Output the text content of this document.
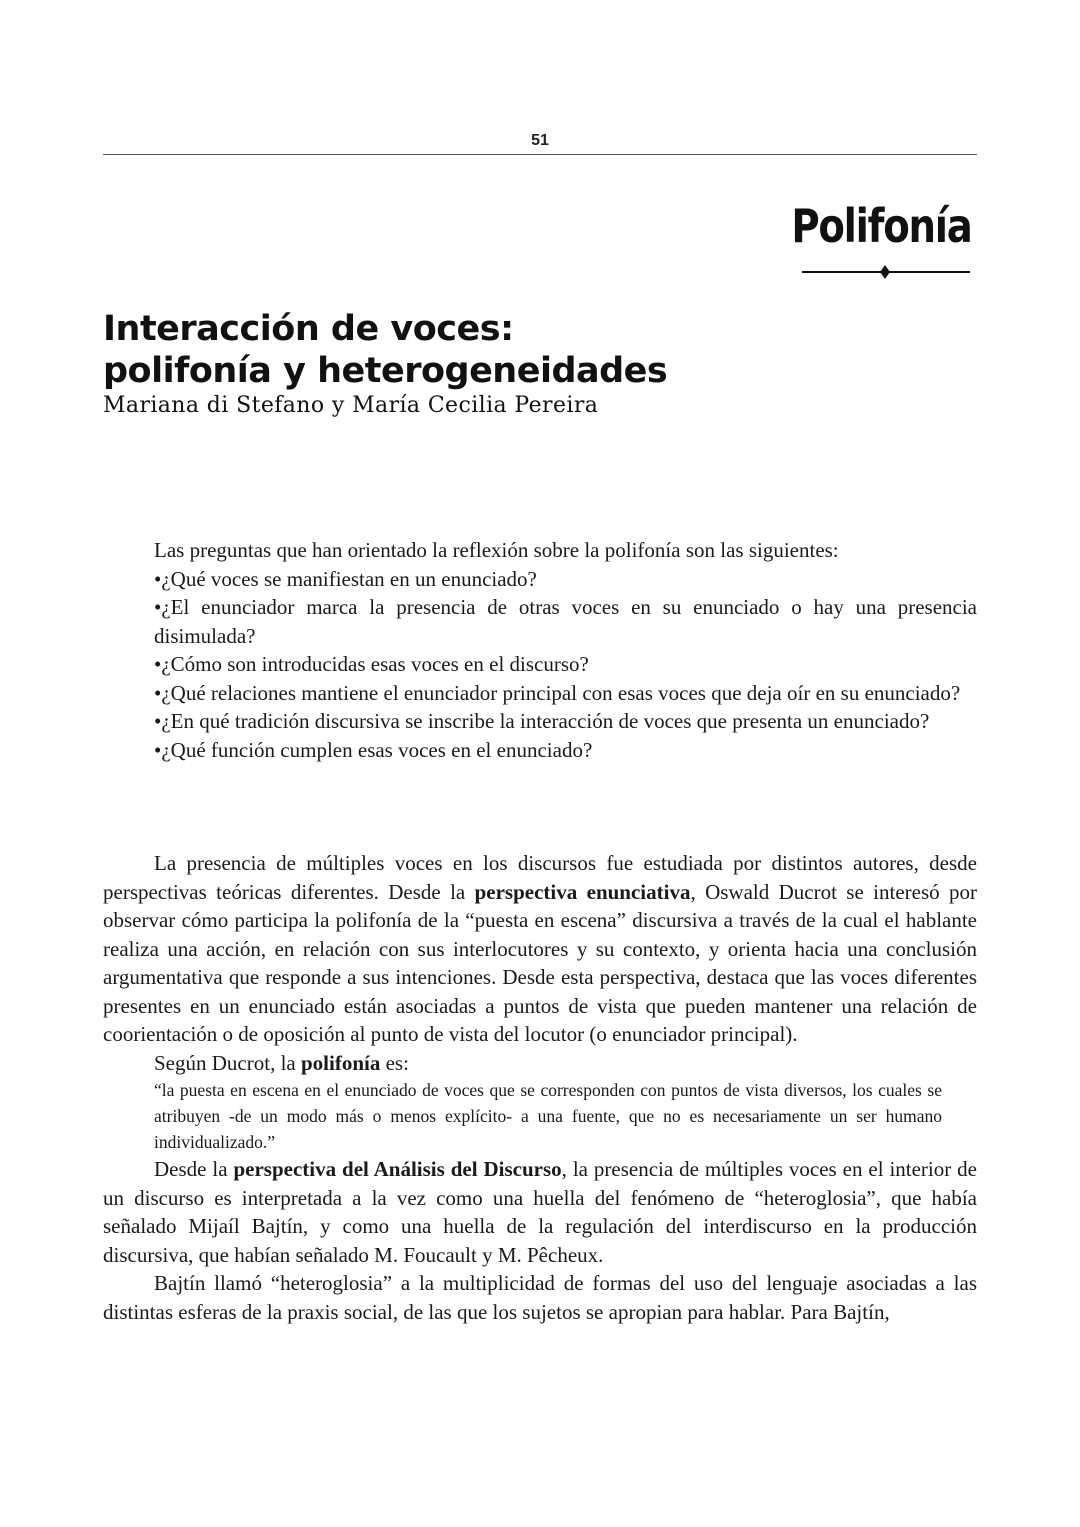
51
Polifonía
Interacción de voces:
polifonía y heterogeneidades
Mariana di Stefano y María Cecilia Pereira

Las preguntas que han orientado la reflexión sobre la polifonía son las siguientes:

•¿Qué voces se manifiestan en un enunciado?
•¿El enunciador marca la presencia de otras voces en su enunciado o hay una presencia disimulada?
•¿Cómo son introducidas esas voces en el discurso?
•¿Qué relaciones mantiene el enunciador principal con esas voces que deja oír en su enunciado?
•¿En qué tradición discursiva se inscribe la interacción de voces que presenta un enunciado?
•¿Qué función cumplen esas voces en el enunciado?

La presencia de múltiples voces en los discursos fue estudiada por distintos autores, desde perspectivas teóricas diferentes. Desde la perspectiva enunciativa, Oswald Ducrot se interesó por observar cómo participa la polifonía de la “puesta en escena” discursiva a través de la cual el hablante realiza una acción, en relación con sus interlocutores y su contexto, y orienta hacia una conclusión argumentativa que responde a sus intenciones. Desde esta perspectiva, destaca que las voces diferentes presentes en un enunciado están asociadas a puntos de vista que pueden mantener una relación de coorientación o de oposición al punto de vista del locutor (o enunciador principal).

Según Ducrot, la polifonía es:

“la puesta en escena en el enunciado de voces que se corresponden con puntos de vista diversos, los cuales se atribuyen -de un modo más o menos explícito- a una fuente, que no es necesariamente un ser humano individualizado.”

Desde la perspectiva del Análisis del Discurso, la presencia de múltiples voces en el interior de un discurso es interpretada a la vez como una huella del fenómeno de “heteroglosia”, que había señalado Mijaíl Bajtín, y como una huella de la regulación del interdiscurso en la producción discursiva, que habían señalado M. Foucault y M. Pêcheux.

Bajtín llamó “heteroglosia” a la multiplicidad de formas del uso del lenguaje asociadas a las distintas esferas de la praxis social, de las que los sujetos se apropian para hablar. Para Bajtín,
